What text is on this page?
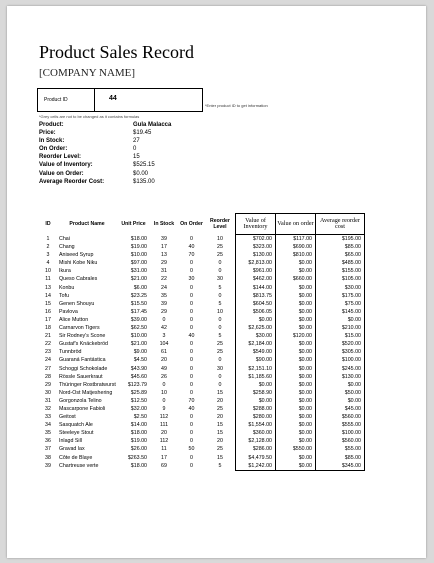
Product Sales Record
[COMPANY NAME]
Product ID	44
*Enter product ID to get information
*Grey cells are not to be changed as it contains formulas
Product:	Gula Malacca
Price:	$19.45
In Stock:	27
On Order:	0
Reorder Level:	15
Value of Inventory:	$525.15
Value on Order:	$0.00
Average Reorder Cost:	$135.00
ID	Product Name	Unit Price	In Stock	On Order	Reorder Level	Value of Inventory	Value on order	Average reorder cost
1	Chai	$18.00	39	0	10	$702.00	$117.00	$195.00
2	Chang	$19.00	17	40	25	$323.00	$690.00	$85.00
3	Aniseed Syrup	$10.00	13	70	25	$130.00	$810.00	$65.00
4	Mishi Kobe Niku	$97.00	29	0	0	$2,813.00	$0.00	$485.00
10	Ikura	$31.00	31	0	0	$961.00	$0.00	$155.00
11	Queso Cabrales	$21.00	22	30	30	$462.00	$660.00	$105.00
13	Konbu	$6.00	24	0	5	$144.00	$0.00	$30.00
14	Tofu	$23.25	35	0	0	$813.75	$0.00	$175.00
15	Genen Shouyu	$15.50	39	0	5	$604.50	$0.00	$75.00
16	Pavlova	$17.45	29	0	10	$506.05	$0.00	$145.00
17	Alice Mutton	$39.00	0	0	0	$0.00	$0.00	$0.00
18	Carnarvon Tigers	$62.50	42	0	0	$2,625.00	$0.00	$210.00
21	Sir Rodney's Scone	$10.00	3	40	5	$30.00	$120.00	$15.00
22	Gustaf's Knäckebröd	$21.00	104	0	25	$2,184.00	$0.00	$520.00
23	Tunnbröd	$9.00	61	0	25	$549.00	$0.00	$305.00
24	Guaraná Fantástica	$4.50	20	0	0	$90.00	$0.00	$100.00
27	Schoggi Schokolade	$43.90	49	0	30	$2,151.10	$0.00	$245.00
28	Rössle Sauerkraut	$45.60	26	0	0	$1,185.60	$0.00	$130.00
29	Thüringer Rostbratwurst	$123.79	0	0	0	$0.00	$0.00	$0.00
30	Nord-Ost Matjeshering	$25.89	10	0	15	$258.90	$0.00	$50.00
31	Gorgonzola Telino	$12.50	0	70	20	$0.00	$0.00	$0.00
32	Mascarpone Fabioli	$32.00	9	40	25	$288.00	$0.00	$45.00
33	Geitost	$2.50	112	0	20	$280.00	$0.00	$560.00
34	Sasquatch Ale	$14.00	111	0	15	$1,554.00	$0.00	$555.00
35	Steeleye Stout	$18.00	20	0	15	$360.00	$0.00	$100.00
36	Inlagd Sill	$19.00	112	0	20	$2,128.00	$0.00	$560.00
37	Gravad lax	$26.00	11	50	25	$286.00	$550.00	$55.00
38	Côte de Blaye	$263.50	17	0	15	$4,479.50	$0.00	$85.00
39	Chartreuse verte	$18.00	69	0	5	$1,242.00	$0.00	$345.00
